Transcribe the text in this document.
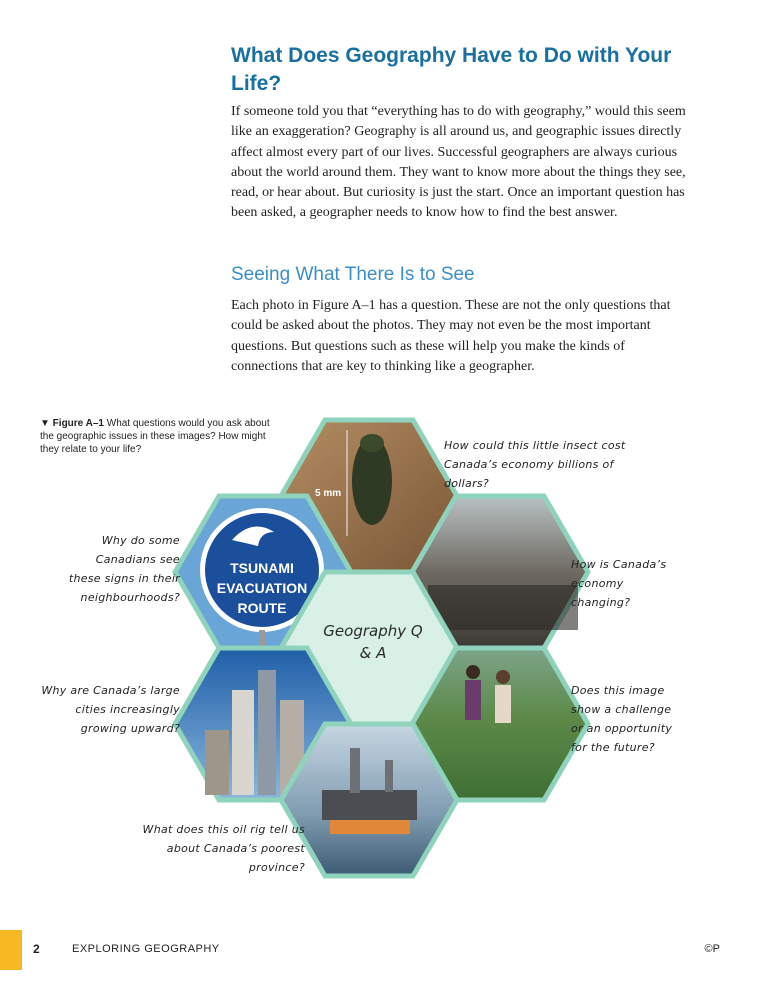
What Does Geography Have to Do with Your Life?

If someone told you that “everything has to do with geography,” would this seem like an exaggeration? Geography is all around us, and geographic issues directly affect almost every part of our lives. Successful geographers are always curious about the world around them. They want to know more about the things they see, read, or hear about. But curiosity is just the start. Once an important question has been asked, a geographer needs to know how to find the best answer.

Seeing What There Is to See

Each photo in Figure A–1 has a question. These are not the only questions that could be asked about the photos. They may not even be the most important questions. But questions such as these will help you make the kinds of connections that are key to thinking like a geographer.

▼ Figure A–1 What questions would you ask about the geographic issues in these images? How might they relate to your life?
5 mm
TSUNAMI
EVACUATION
ROUTE
Geography Q & A
How could this little insect cost Canada’s economy billions of dollars?
Why do some Canadians see these signs in their neighbourhoods?
How is Canada’s economy changing?
Why are Canada’s large cities increasingly growing upward?
Does this image show a challenge or an opportunity for the future?
What does this oil rig tell us about Canada’s poorest province?
2	EXPLORING GEOGRAPHY	©P
